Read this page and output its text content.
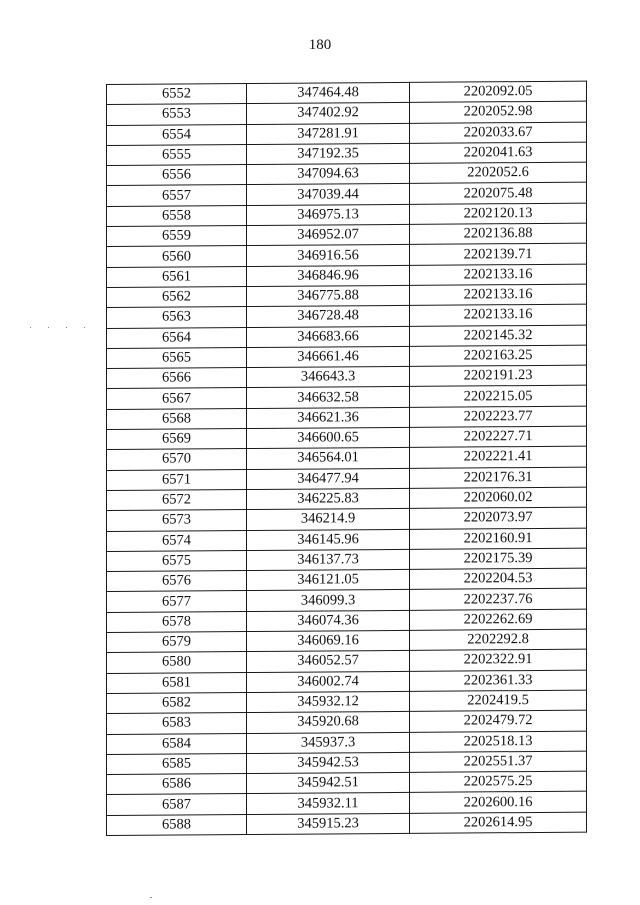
180
6552	347464.48	2202092.05
6553	347402.92	2202052.98
6554	347281.91	2202033.67
6555	347192.35	2202041.63
6556	347094.63	2202052.6
6557	347039.44	2202075.48
6558	346975.13	2202120.13
6559	346952.07	2202136.88
6560	346916.56	2202139.71
6561	346846.96	2202133.16
6562	346775.88	2202133.16
6563	346728.48	2202133.16
6564	346683.66	2202145.32
6565	346661.46	2202163.25
6566	346643.3	2202191.23
6567	346632.58	2202215.05
6568	346621.36	2202223.77
6569	346600.65	2202227.71
6570	346564.01	2202221.41
6571	346477.94	2202176.31
6572	346225.83	2202060.02
6573	346214.9	2202073.97
6574	346145.96	2202160.91
6575	346137.73	2202175.39
6576	346121.05	2202204.53
6577	346099.3	2202237.76
6578	346074.36	2202262.69
6579	346069.16	2202292.8
6580	346052.57	2202322.91
6581	346002.74	2202361.33
6582	345932.12	2202419.5
6583	345920.68	2202479.72
6584	345937.3	2202518.13
6585	345942.53	2202551.37
6586	345942.51	2202575.25
6587	345932.11	2202600.16
6588	345915.23	2202614.95
